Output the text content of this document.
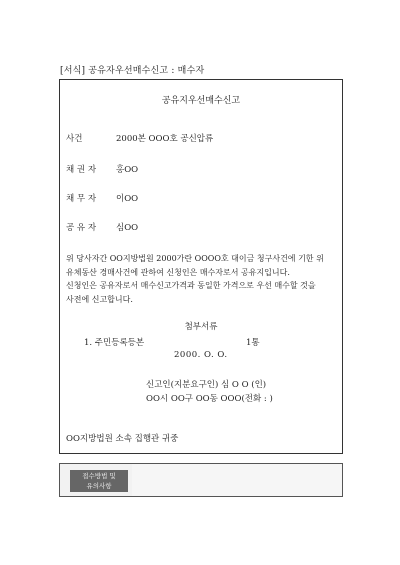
[서식] 공유자우선매수신고 : 매수자
공유지우선매수신고
사건	2000본 OOO호 공신압류
채 권 자 홍OO
채 무 자 이OO
공 유 자 심OO
위 당사자간 OO지방법원 2000가란 OOOO호 대이금 청구사건에 기한 위 유체동산 경매사건에 관하여 신청인은 매수자로서 공유지입니다.
신청인은 공유자로서 매수신고가격과 동일한 가격으로 우선 매수할 것을 사전에 신고합니다.
첨부서류
1. 주민등록등본	1통
2000. O. O.
신고인(지분요구인) 심 O O (인)
OO시 OO구 OO동 OOO(전화 : )
OO지방법원 소속 집행관 귀중
접수방법 및
유의사항
